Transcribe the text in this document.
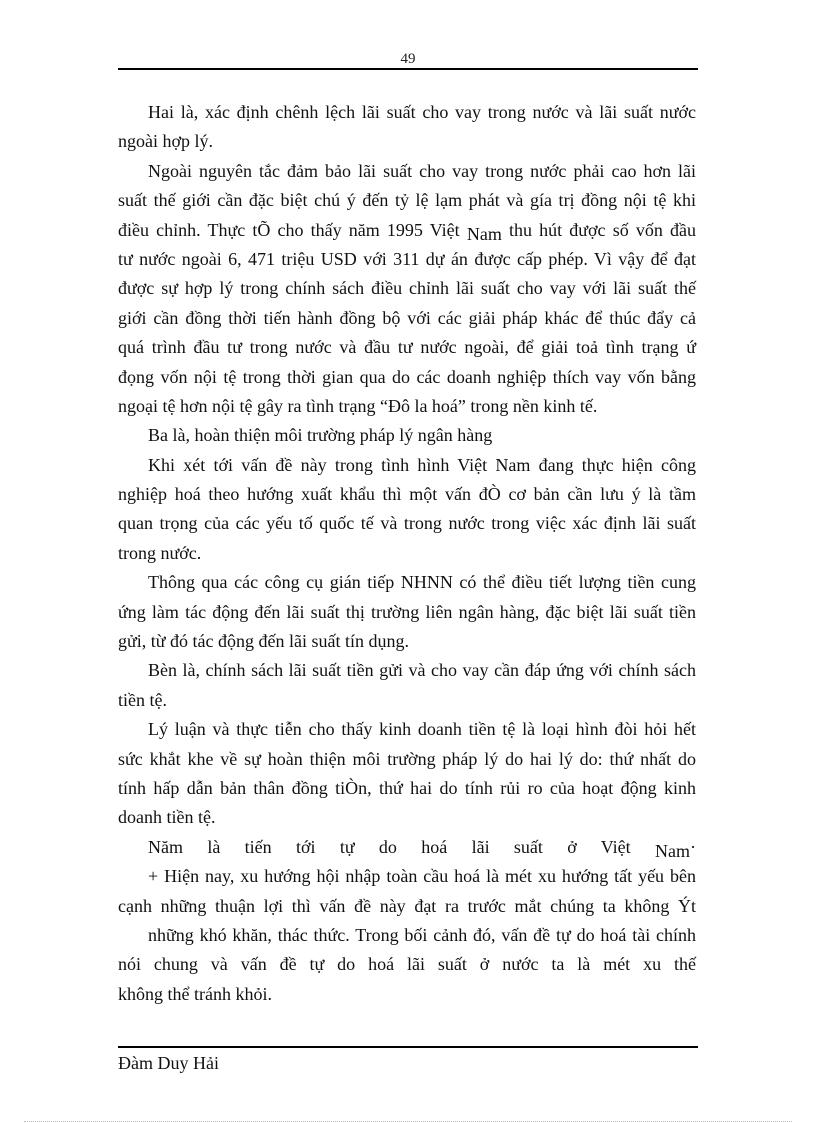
49
Hai là, xác định chênh lệch lãi suất cho vay trong nước và lãi suất nước
ngoài hợp lý.
Ngoài nguyên tắc đảm bảo lãi suất cho vay trong nước phải cao hơn lãi
suất thế giới cần đặc biệt chú ý đến tỷ lệ lạm phát và gía trị đồng nội tệ khi
điều chỉnh. Thực tÕ cho thấy năm 1995 Việt Nam thu hút được số vốn đầu
tư nước ngoài 6, 471 triệu USD với 311 dự án được cấp phép. Vì vậy để đạt
được sự hợp lý trong chính sách điều chỉnh lãi suất cho vay với lãi suất thế
giới cần đồng thời tiến hành đồng bộ với các giải pháp khác để thúc đẩy cả
quá trình đầu tư trong nước và đầu tư nước ngoài, để giải toả tình trạng ứ
đọng vốn nội tệ trong thời gian qua do các doanh nghiệp thích vay vốn bằng
ngoại tệ hơn nội tệ gây ra tình trạng “Đô la hoá” trong nền kinh tế.
Ba là, hoàn thiện môi trường pháp lý ngân hàng
Khi xét tới vấn đề này trong tình hình Việt Nam đang thực hiện công
nghiệp hoá theo hướng xuất khẩu thì một vấn đÒ cơ bản cần lưu ý là tầm
quan trọng của các yếu tố quốc tế và trong nước trong việc xác định lãi suất
trong nước.
Thông qua các công cụ gián tiếp NHNN có thể điều tiết lượng tiền cung
ứng làm tác động đến lãi suất thị trường liên ngân hàng, đặc biệt lãi suất tiền
gửi, từ đó tác động đến lãi suất tín dụng.
Bèn là, chính sách lãi suất tiền gửi và cho vay cần đáp ứng với chính sách
tiền tệ.
Lý luận và thực tiễn cho thấy kinh doanh tiền tệ là loại hình đòi hỏi hết
sức khắt khe về sự hoàn thiện môi trường pháp lý do hai lý do: thứ nhất do
tính hấp dẫn bản thân đồng tiÒn, thứ hai do tính rủi ro của hoạt động kinh
doanh tiền tệ.
Năm là tiến tới tự do hoá lãi suất ở Việt Nam·
+ Hiện nay, xu hướng hội nhập toàn cầu hoá là mét xu hướng tất yếu bên
cạnh những thuận lợi thì vấn đề này đạt ra trước mắt chúng ta không Ýt
những khó khăn, thác thức. Trong bối cảnh đó, vấn đề tự do hoá tài chính
nói chung và vấn đề tự do hoá lãi suất ở nước ta là mét xu thế
không thể tránh khỏi.
Đàm Duy Hải
